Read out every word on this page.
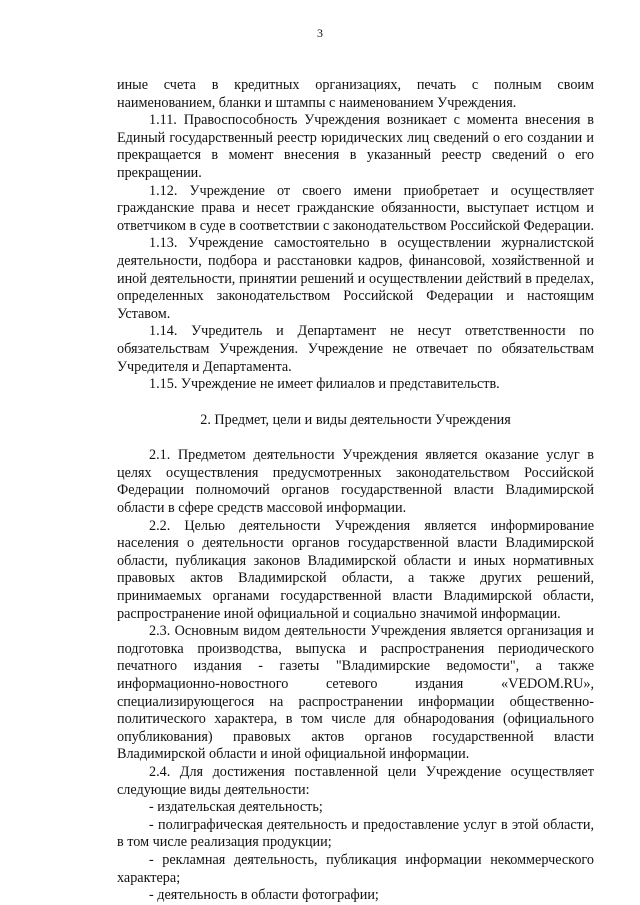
3

иные счета в кредитных организациях, печать с полным своим наименованием, бланки и штампы с наименованием Учреждения.

1.11. Правоспособность Учреждения возникает с момента внесения в Единый государственный реестр юридических лиц сведений о его создании и прекращается в момент внесения в указанный реестр сведений о его прекращении.

1.12. Учреждение от своего имени приобретает и осуществляет гражданские права и несет гражданские обязанности, выступает истцом и ответчиком в суде в соответствии с законодательством Российской Федерации.

1.13. Учреждение самостоятельно в осуществлении журналистской деятельности, подбора и расстановки кадров, финансовой, хозяйственной и иной деятельности, принятии решений и осуществлении действий в пределах, определенных законодательством Российской Федерации и настоящим Уставом.

1.14. Учредитель и Департамент не несут ответственности по обязательствам Учреждения. Учреждение не отвечает по обязательствам Учредителя и Департамента.

1.15. Учреждение не имеет филиалов и представительств.

2. Предмет, цели и виды деятельности Учреждения

2.1. Предметом деятельности Учреждения является оказание услуг в целях осуществления предусмотренных законодательством Российской Федерации полномочий органов государственной власти Владимирской области в сфере средств массовой информации.

2.2. Целью деятельности Учреждения является информирование населения о деятельности органов государственной власти Владимирской области, публикация законов Владимирской области и иных нормативных правовых актов Владимирской области, а также других решений, принимаемых органами государственной власти Владимирской области, распространение иной официальной и социально значимой информации.

2.3. Основным видом деятельности Учреждения является организация и подготовка производства, выпуска и распространения периодического печатного издания - газеты "Владимирские ведомости", а также информационно-новостного сетевого издания «VEDOM.RU», специализирующегося на распространении информации общественно-политического характера, в том числе для обнародования (официального опубликования) правовых актов органов государственной власти Владимирской области и иной официальной информации.

2.4. Для достижения поставленной цели Учреждение осуществляет следующие виды деятельности:

- издательская деятельность;

- полиграфическая деятельность и предоставление услуг в этой области, в том числе реализация продукции;

- рекламная деятельность, публикация информации некоммерческого характера;

- деятельность в области фотографии;
